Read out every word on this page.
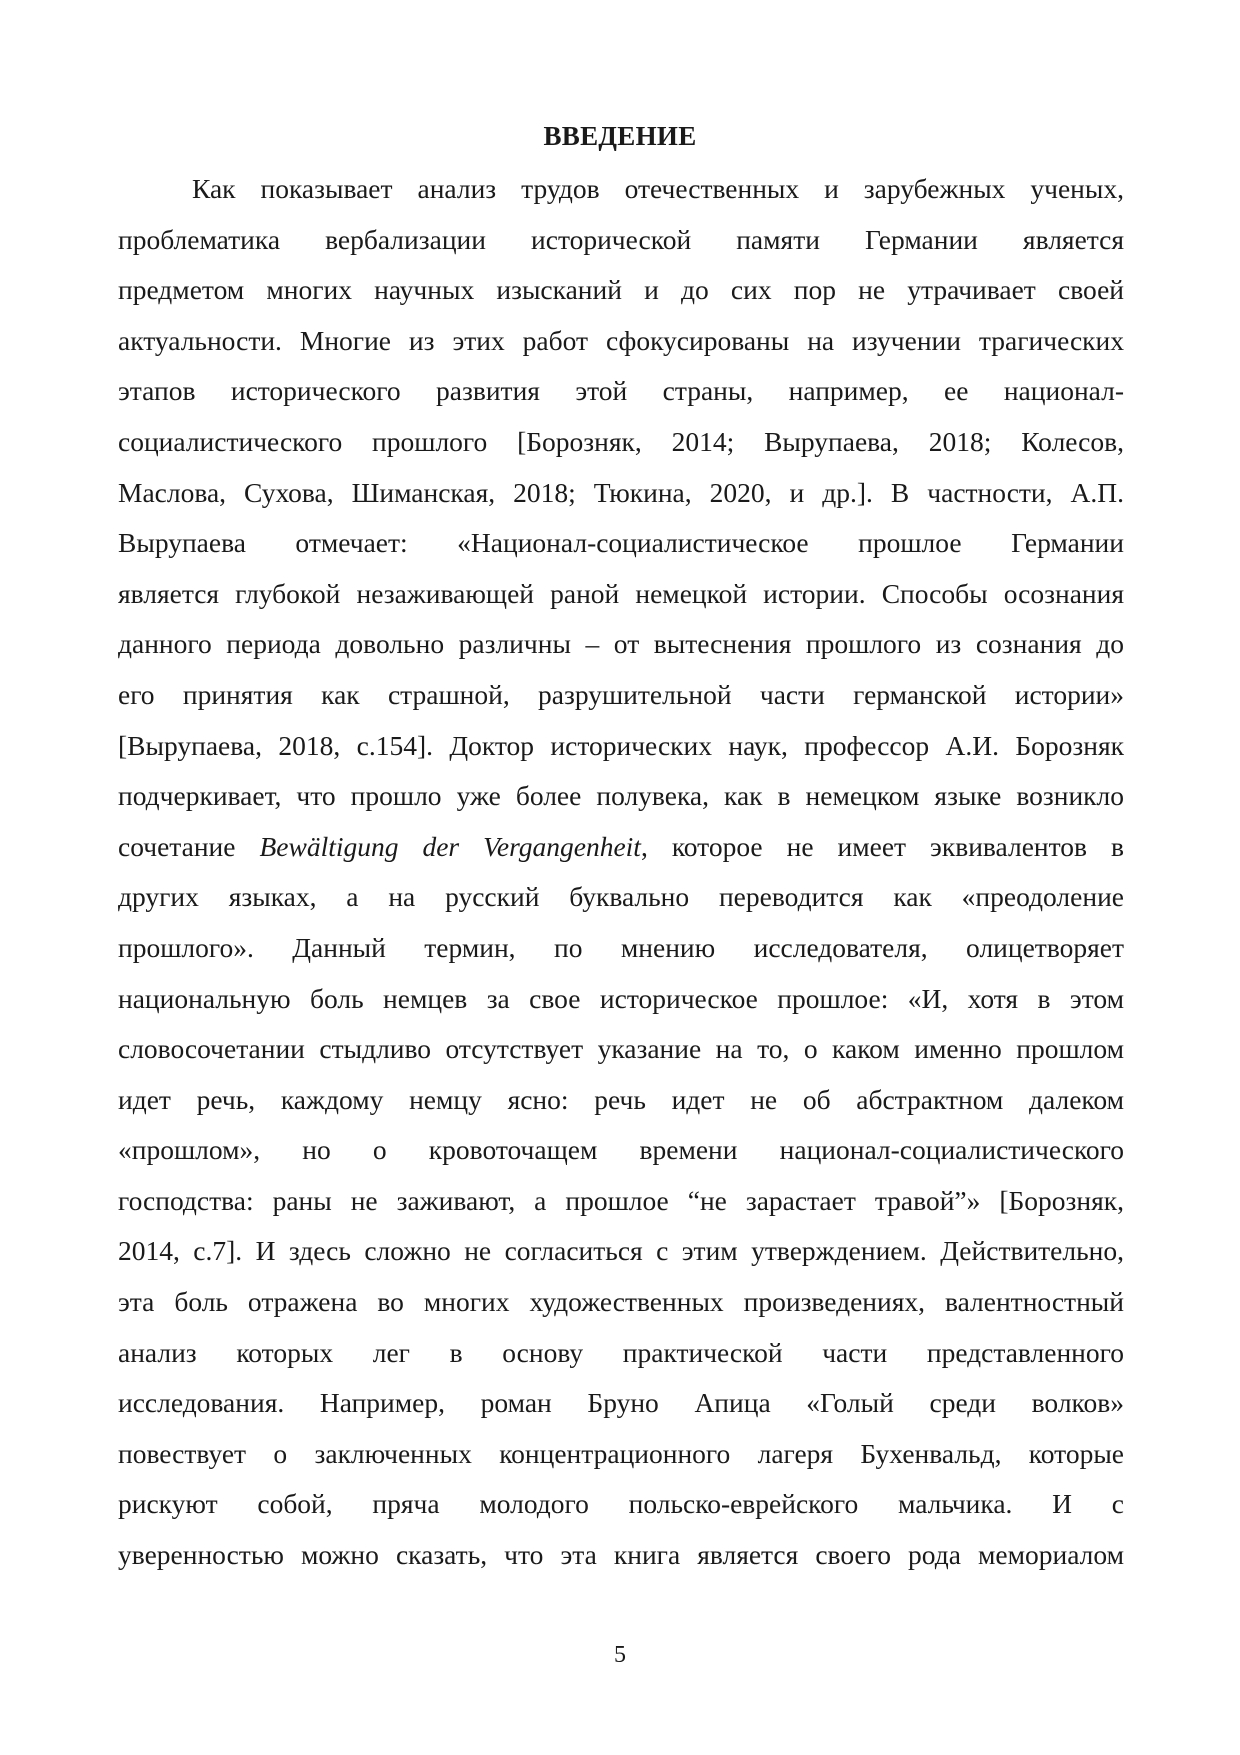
ВВЕДЕНИЕ
Как показывает анализ трудов отечественных и зарубежных ученых,
проблематика вербализации исторической памяти Германии является
предметом многих научных изысканий и до сих пор не утрачивает своей
актуальности. Многие из этих работ сфокусированы на изучении трагических
этапов исторического развития этой страны, например, ее национал-
социалистического прошлого [Борозняк, 2014; Вырупаева, 2018; Колесов,
Маслова, Сухова, Шиманская, 2018; Тюкина, 2020, и др.]. В частности, А.П.
Вырупаева отмечает: «Национал-социалистическое прошлое Германии
является глубокой незаживающей раной немецкой истории. Способы осознания
данного периода довольно различны – от вытеснения прошлого из сознания до
его принятия как страшной, разрушительной части германской истории»
[Вырупаева, 2018, с.154]. Доктор исторических наук, профессор А.И. Борозняк
подчеркивает, что прошло уже более полувека, как в немецком языке возникло
сочетание Bewältigung der Vergangenheit, которое не имеет эквивалентов в
других языках, а на русский буквально переводится как «преодоление
прошлого». Данный термин, по мнению исследователя, олицетворяет
национальную боль немцев за свое историческое прошлое: «И, хотя в этом
словосочетании стыдливо отсутствует указание на то, о каком именно прошлом
идет речь, каждому немцу ясно: речь идет не об абстрактном далеком
«прошлом», но о кровоточащем времени национал-социалистического
господства: раны не заживают, а прошлое “не зарастает травой”» [Борозняк,
2014, с.7]. И здесь сложно не согласиться с этим утверждением. Действительно,
эта боль отражена во многих художественных произведениях, валентностный
анализ которых лег в основу практической части представленного
исследования. Например, роман Бруно Апица «Голый среди волков»
повествует о заключенных концентрационного лагеря Бухенвальд, которые
рискуют собой, пряча молодого польско-еврейского мальчика. И с
уверенностью можно сказать, что эта книга является своего рода мемориалом
5
